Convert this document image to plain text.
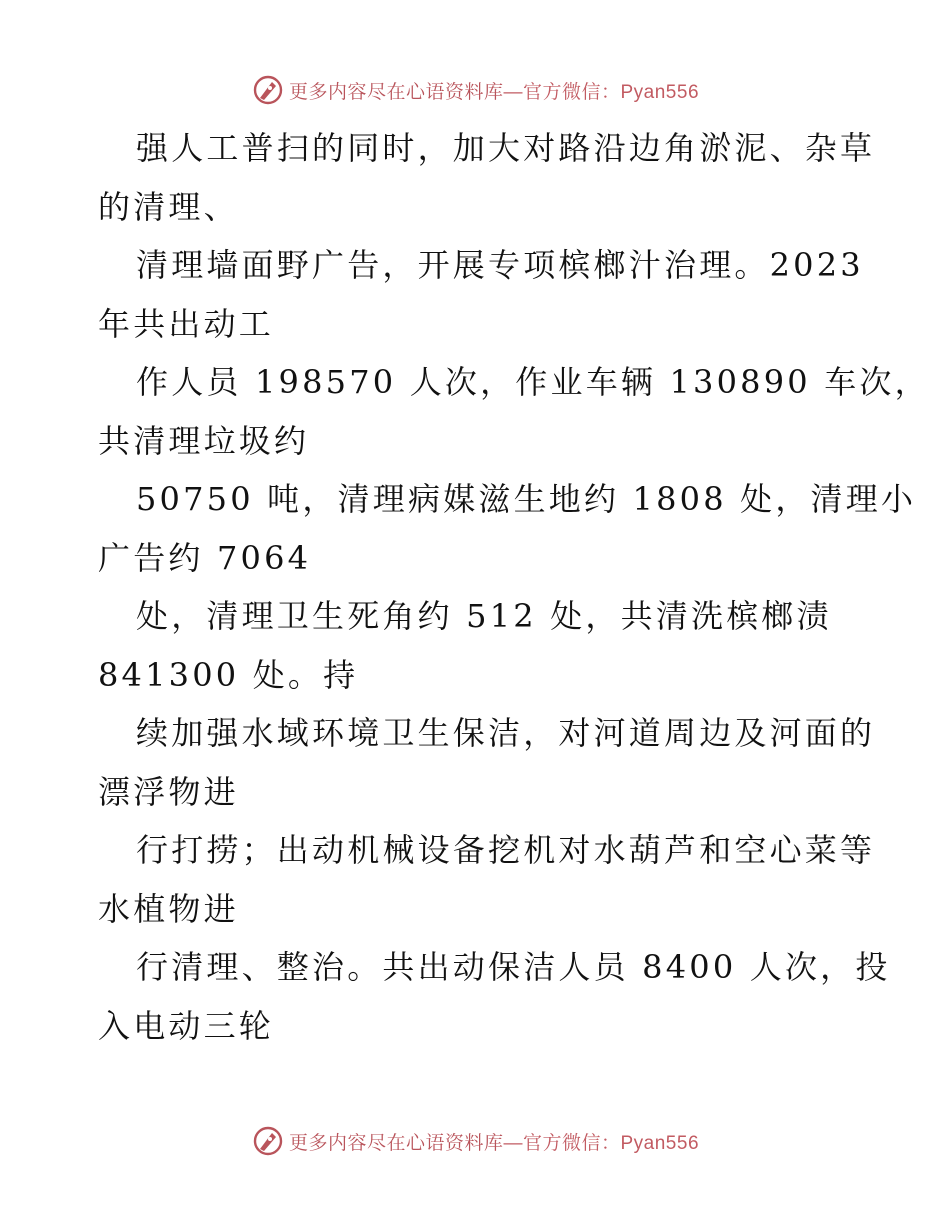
更多内容尽在心语资料库—官方微信：Pyan556
强人工普扫的同时，加大对路沿边角淤泥、杂草
的清理、
清理墙面野广告，开展专项槟榔汁治理。2023
年共出动工
作人员 198570 人次，作业车辆 130890 车次，
共清理垃圾约
50750 吨，清理病媒滋生地约 1808 处，清理小
广告约 7064
处，清理卫生死角约 512 处，共清洗槟榔渍
841300 处。持
续加强水域环境卫生保洁，对河道周边及河面的
漂浮物进
行打捞；出动机械设备挖机对水葫芦和空心菜等
水植物进
行清理、整治。共出动保洁人员 8400 人次，投
入电动三轮
更多内容尽在心语资料库—官方微信：Pyan556
